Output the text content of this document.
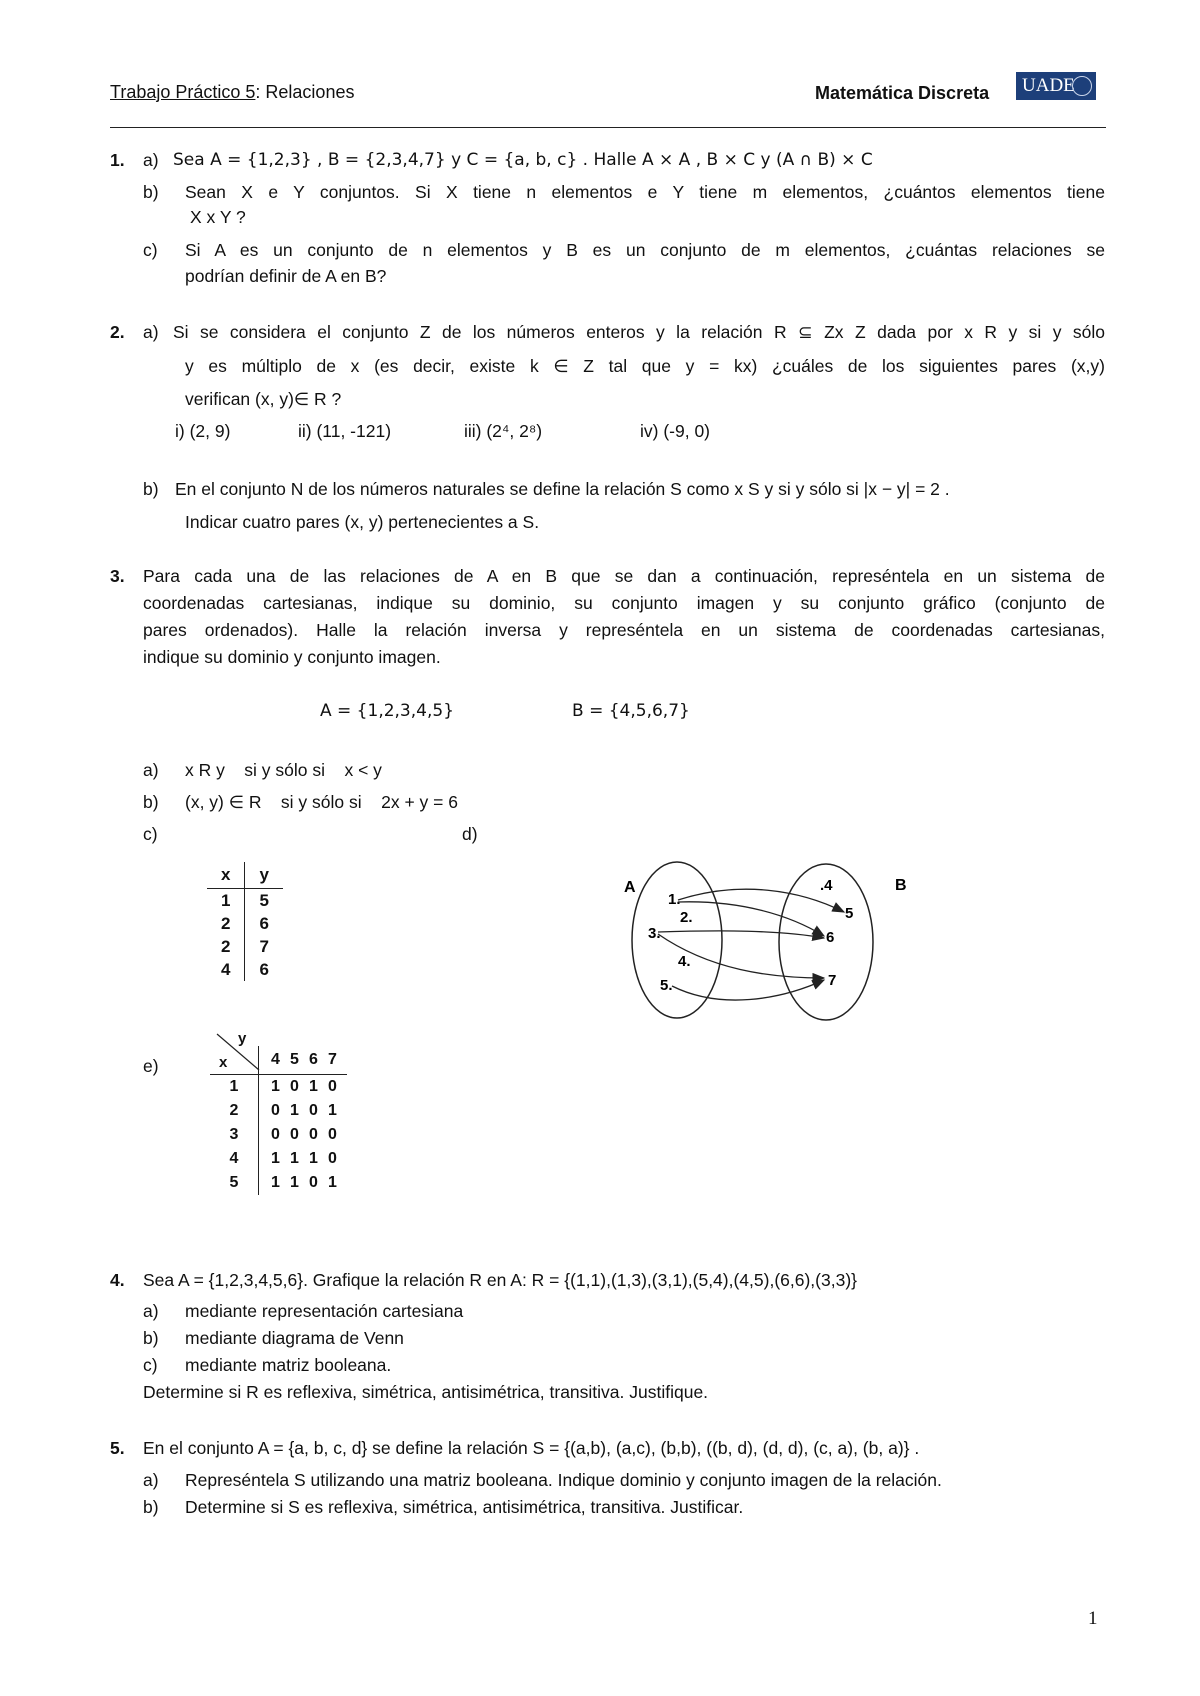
Trabajo Práctico 5: Relaciones	Matemática Discreta	UADE
1. a) Sea A = {1,2,3} , B = {2,3,4,7} y C = {a, b, c} . Halle A × A , B × C y (A ∩ B) × C
b) Sean X e Y conjuntos. Si X tiene n elementos e Y tiene m elementos, ¿cuántos elementos tiene
X x Y ?
c) Si A es un conjunto de n elementos y B es un conjunto de m elementos, ¿cuántas relaciones se
podrían definir de A en B?
2. a) Si se considera el conjunto Z de los números enteros y la relación R ⊆ Zx Z dada por x R y si y sólo
y es múltiplo de x (es decir, existe k ∈ Z tal que y = kx) ¿cuáles de los siguientes pares (x,y)
verifican (x, y)∈ R ?
i) (2, 9)	ii) (11, -121)	iii) (2⁴, 2⁸)	iv) (-9, 0)
b) En el conjunto N de los números naturales se define la relación S como x S y si y sólo si |x − y| = 2 .
Indicar cuatro pares (x, y) pertenecientes a S.
3. Para cada una de las relaciones de A en B que se dan a continuación, represéntela en un sistema de
coordenadas cartesianas, indique su dominio, su conjunto imagen y su conjunto gráfico (conjunto de
pares ordenados). Halle la relación inversa y represéntela en un sistema de coordenadas cartesianas,
indique su dominio y conjunto imagen.
A = {1,2,3,4,5}	B = {4,5,6,7}
a) x R y    si y sólo si    x < y
b) (x, y) ∈ R    si y sólo si    2x + y = 6
c)	d)
x	y
1	5
2	6
2	7
4	6
A	B
1.
2.
3.
4.
5.
.4
5
6
7
e)
y
x
		4	5	6	7
1	1	0	1	0
2	0	1	0	1
3	0	0	0	0
4	1	1	1	0
5	1	1	0	1
4. Sea A = {1,2,3,4,5,6}. Grafique la relación R en A: R = {(1,1),(1,3),(3,1),(5,4),(4,5),(6,6),(3,3)}
a) mediante representación cartesiana
b) mediante diagrama de Venn
c) mediante matriz booleana.
Determine si R es reflexiva, simétrica, antisimétrica, transitiva. Justifique.
5. En el conjunto A = {a, b, c, d} se define la relación S = {(a,b), (a,c), (b,b), ((b, d), (d, d), (c, a), (b, a)} .
a) Represéntela S utilizando una matriz booleana. Indique dominio y conjunto imagen de la relación.
b) Determine si S es reflexiva, simétrica, antisimétrica, transitiva. Justificar.
1
